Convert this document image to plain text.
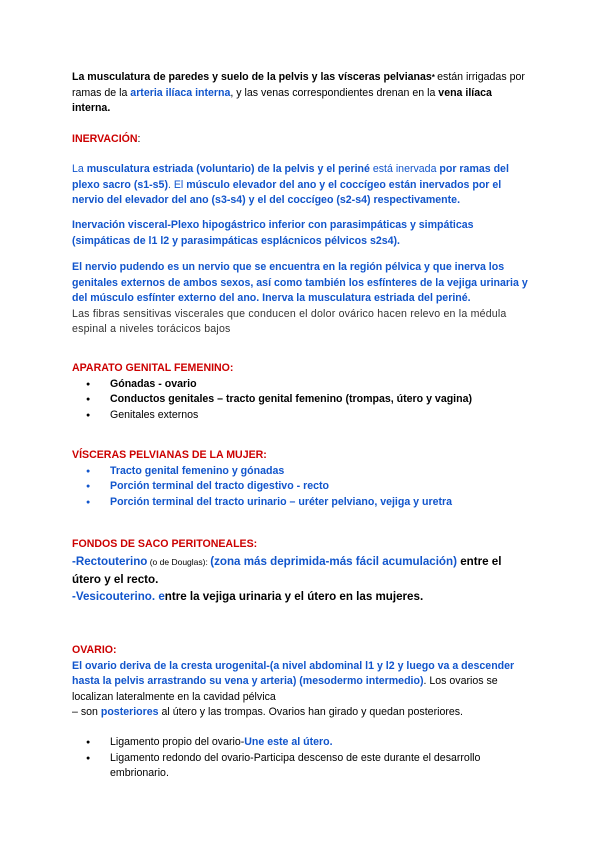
La musculatura de paredes y suelo de la pelvis y las vísceras pelvianas* están irrigadas por ramas de la arteria ilíaca interna, y las venas correspondientes drenan en la vena ilíaca interna.

INERVACIÓN:

La musculatura estriada (voluntario) de la pelvis y el periné está inervada por ramas del plexo sacro (s1-s5). El músculo elevador del ano y el coccígeo están inervados por el nervio del elevador del ano (s3-s4) y el del coccígeo (s2-s4) respectivamente.

Inervación visceral-Plexo hipogástrico inferior con parasimpáticas y simpáticas (simpáticas de l1 l2 y parasimpáticas esplácnicos pélvicos s2s4).

El nervio pudendo es un nervio que se encuentra en la región pélvica y que inerva los genitales externos de ambos sexos, así como también los esfínteres de la vejiga urinaria y del músculo esfínter externo del ano. Inerva la musculatura estriada del periné.

Las fibras sensitivas viscerales que conducen el dolor ovárico hacen relevo en la médula espinal a niveles torácicos bajos

APARATO GENITAL FEMENINO:

● Gónadas - ovario
● Conductos genitales – tracto genital femenino (trompas, útero y vagina)
● Genitales externos

VÍSCERAS PELVIANAS DE LA MUJER:

● Tracto genital femenino y gónadas
● Porción terminal del tracto digestivo - recto
● Porción terminal del tracto urinario – uréter pelviano, vejiga y uretra

FONDOS DE SACO PERITONEALES:

-Rectouterino (o de Douglas): (zona más deprimida-más fácil acumulación) entre el útero y el recto.

-Vesicouterino. entre la vejiga urinaria y el útero en las mujeres.

OVARIO:

El ovario deriva de la cresta urogenital-(a nivel abdominal l1 y l2 y luego va a descender hasta la pelvis arrastrando su vena y arteria) (mesodermo intermedio). Los ovarios se localizan lateralmente en la cavidad pélvica

– son posteriores al útero y las trompas. Ovarios han girado y quedan posteriores.

● Ligamento propio del ovario-Une este al útero.
● Ligamento redondo del ovario-Participa descenso de este durante el desarrollo embrionario.
